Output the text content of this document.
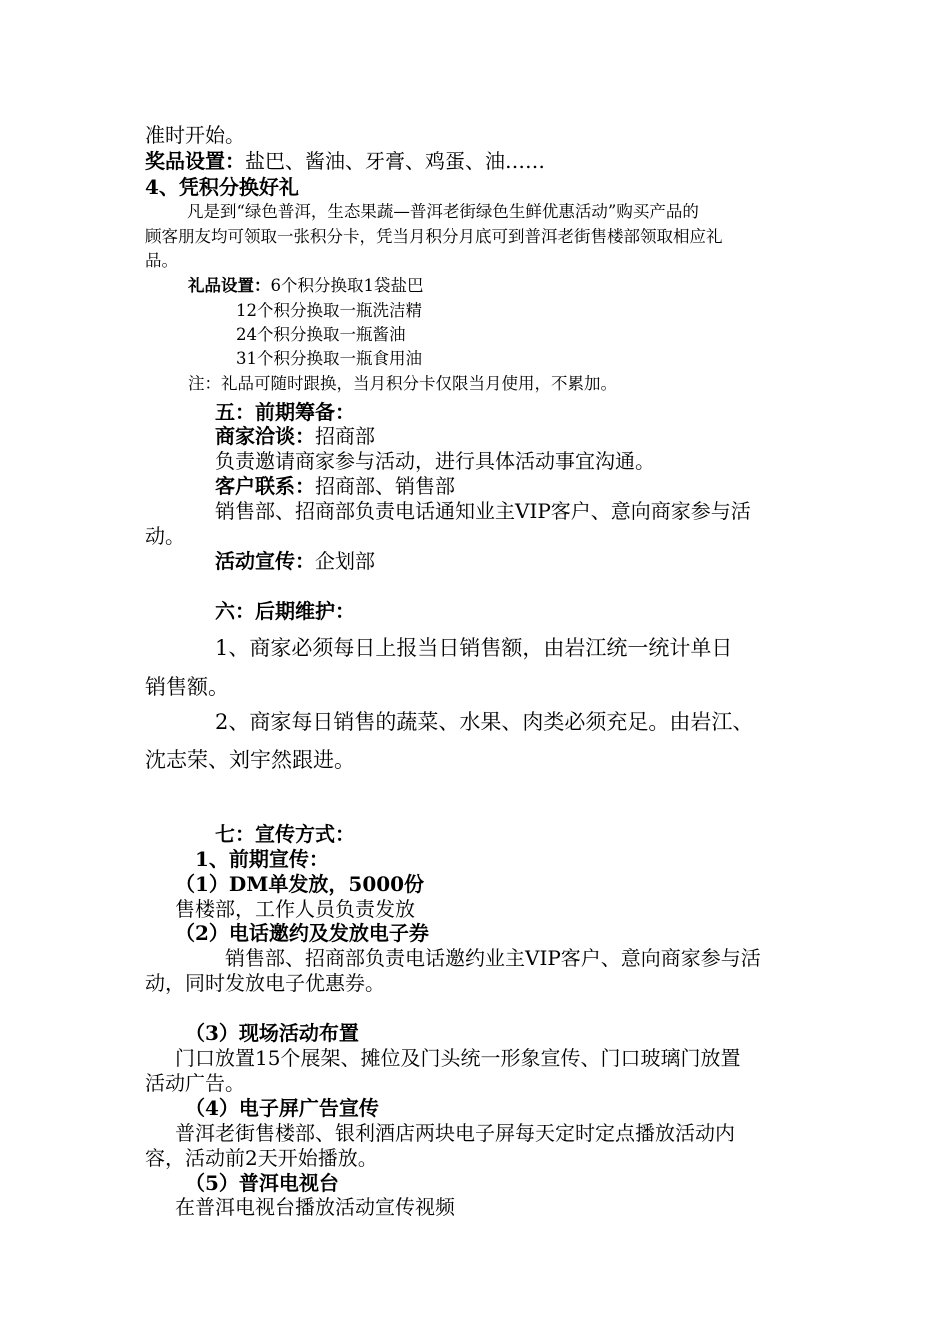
准时开始。
奖品设置：盐巴、酱油、牙膏、鸡蛋、油……
4、凭积分换好礼
凡是到“绿色普洱，生态果蔬—普洱老街绿色生鲜优惠活动”购买产品的
顾客朋友均可领取一张积分卡，凭当月积分月底可到普洱老街售楼部领取相应礼
品。
礼品设置：6个积分换取1袋盐巴
12个积分换取一瓶洗洁精
24个积分换取一瓶酱油
31个积分换取一瓶食用油
注：礼品可随时跟换，当月积分卡仅限当月使用，不累加。
五：前期筹备：
商家洽谈：招商部
负责邀请商家参与活动，进行具体活动事宜沟通。
客户联系：招商部、销售部
销售部、招商部负责电话通知业主VIP客户、意向商家参与活
动。
活动宣传：企划部
六：后期维护：
1、商家必须每日上报当日销售额，由岩江统一统计单日
销售额。
2、商家每日销售的蔬菜、水果、肉类必须充足。由岩江、
沈志荣、刘宇然跟进。
七：宣传方式：
1、前期宣传：
（1）DM单发放，5000份
售楼部，工作人员负责发放
（2）电话邀约及发放电子券
销售部、招商部负责电话邀约业主VIP客户、意向商家参与活
动，同时发放电子优惠券。
（3）现场活动布置
门口放置15个展架、摊位及门头统一形象宣传、门口玻璃门放置
活动广告。
（4）电子屏广告宣传
普洱老街售楼部、银利酒店两块电子屏每天定时定点播放活动内
容，活动前2天开始播放。
（5）普洱电视台
在普洱电视台播放活动宣传视频
